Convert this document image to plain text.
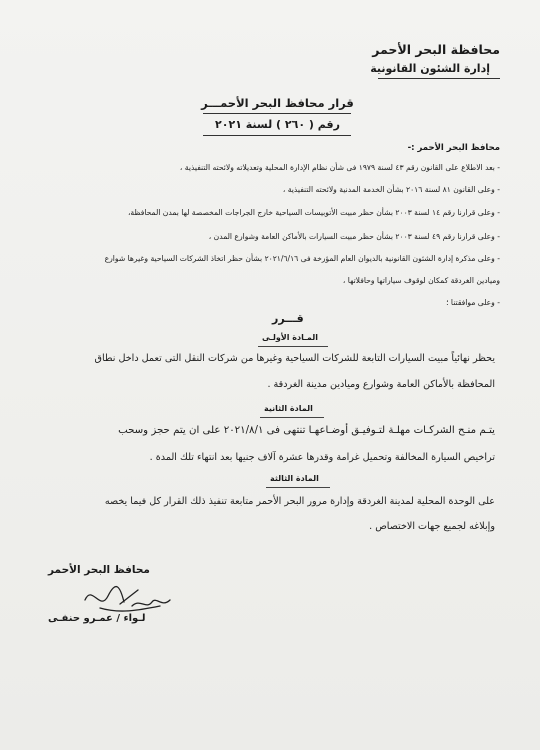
محافظة البحر الأحمر
إدارة الشئون القانونية
قرار محافظ البحر الأحمـــر
رقم ( ٢٦٠ ) لسنة ٢٠٢١
محافظ البحر الأحمر :-
- بعد الاطلاع على القانون رقم ٤٣ لسنة ١٩٧٩ فى شأن نظام الإدارة المحلية وتعديلاته ولائحته التنفيذية ،
- وعلى القانون ٨١ لسنة ٢٠١٦ بشأن الخدمة المدنية ولائحته التنفيذية ،
- وعلى قرارنا رقم ١٤ لسنة ٢٠٠٣ بشأن حظر مبيت الأتوبيسات السياحية خارج الجراجات المخصصة لها بمدن المحافظة،
- وعلى قرارنا رقم ٤٩ لسنة ٢٠٠٣ بشأن حظر مبيت السيارات بالأماكن العامة وشوارع المدن ،
- وعلى مذكرة إدارة الشئون القانونية بالديوان العام المؤرخة فى ٢٠٢١/٦/١٦ بشأن حظر اتخاذ الشركات السياحية وغيرها شوارع
وميادين الغردقة كمكان لوقوف سياراتها وحافلاتها ،
- وعلى موافقتنا ؛
قـــرر
المـادة الأولـى
يحظر نهائياً مبيت السيارات التابعة للشركات السياحية وغيرها من شركات النقل التى تعمل داخل نطاق
المحافظة بالأماكن العامة وشوارع وميادين مدينة الغردقة .
المادة الثانية
يتـم منـح الشركـات مهلـة لتـوفيـق أوضـاعهـا تنتهى فى ٢٠٢١/٨/١ على ان يتم حجز وسحب
تراخيص السيارة المخالفة وتحميل غرامة وقدرها عشرة آلاف جنيها بعد انتهاء تلك المدة .
المادة الثالثة
على الوحدة المحلية لمدينة الغردقة وإدارة مرور البحر الأحمر متابعة تنفيذ ذلك القرار كل فيما يخصه
وإبلاغه لجميع جهات الاختصاص .
محافظ البحر الأحمر
لـواء / عمـرو حنفـى
